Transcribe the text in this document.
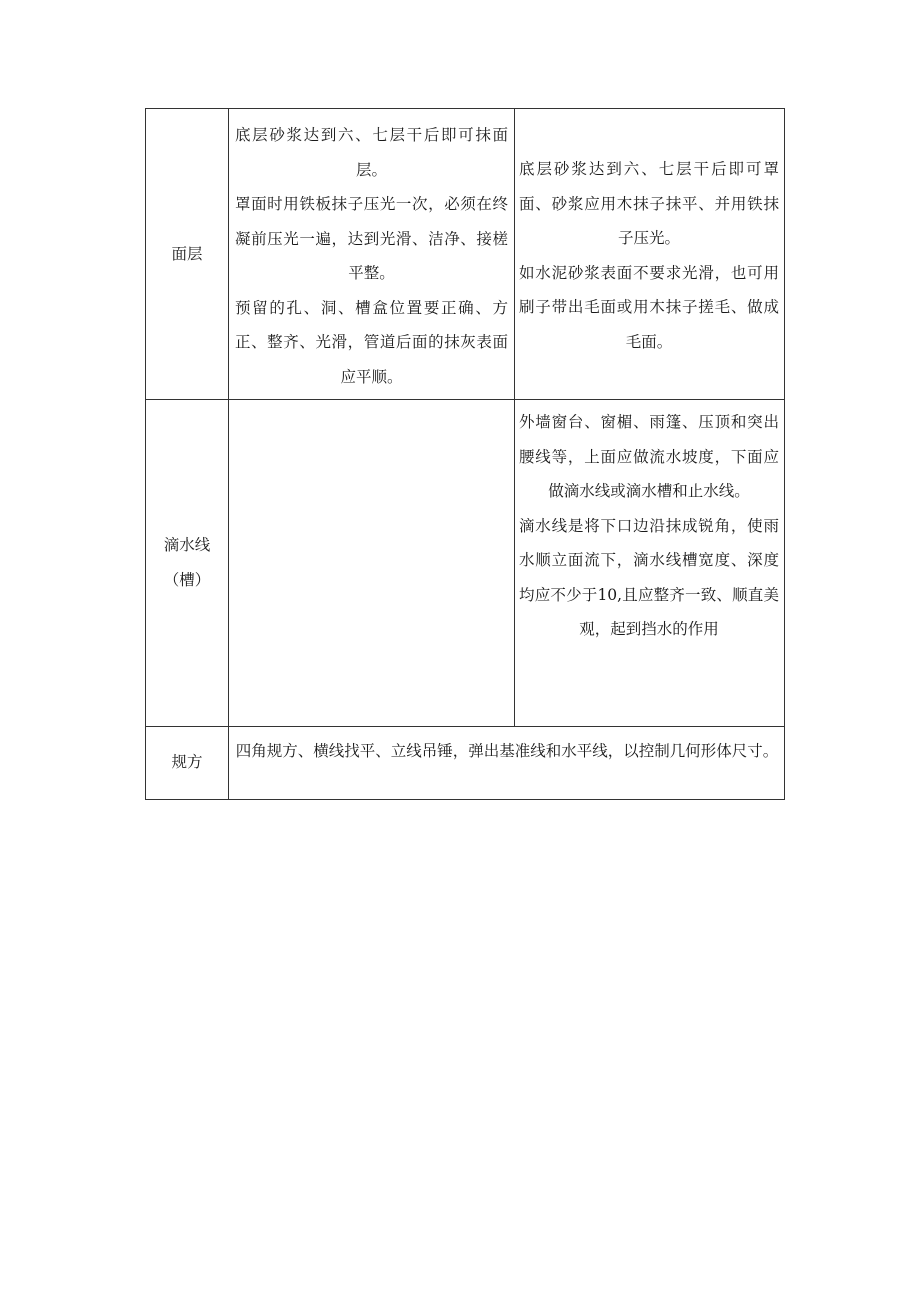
面层

底层砂浆达到六、七层干后即可抹面层。

罩面时用铁板抹子压光一次，必须在终凝前压光一遍，达到光滑、洁净、接槎平整。

预留的孔、洞、槽盒位置要正确、方正、整齐、光滑，管道后面的抹灰表面应平顺。

底层砂浆达到六、七层干后即可罩面、砂浆应用木抹子抹平、并用铁抹子压光。

如水泥砂浆表面不要求光滑，也可用刷子带出毛面或用木抹子搓毛、做成毛面。

滴水线
（槽）

外墙窗台、窗楣、雨篷、压顶和突出腰线等，上面应做流水坡度，下面应做滴水线或滴水槽和止水线。

滴水线是将下口边沿抹成锐角，使雨水顺立面流下，滴水线槽宽度、深度均应不少于10,且应整齐一致、顺直美观，起到挡水的作用

规方

四角规方、横线找平、立线吊锤，弹出基准线和水平线，以控制几何形体尺寸。
